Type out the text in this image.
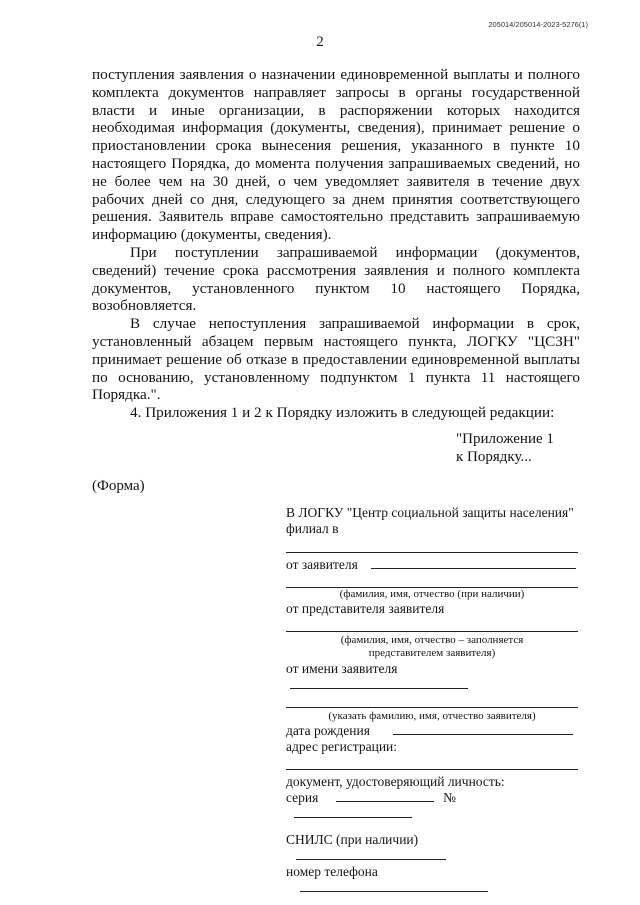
205014/205014-2023-5276(1)
2

поступления заявления о назначении единовременной выплаты и полного комплекта документов направляет запросы в органы государственной власти и иные организации, в распоряжении которых находится необходимая информация (документы, сведения), принимает решение о приостановлении срока вынесения решения, указанного в пункте 10 настоящего Порядка, до момента получения запрашиваемых сведений, но не более чем на 30 дней, о чем уведомляет заявителя в течение двух рабочих дней со дня, следующего за днем принятия соответствующего решения. Заявитель вправе самостоятельно представить запрашиваемую информацию (документы, сведения).

При поступлении запрашиваемой информации (документов, сведений) течение срока рассмотрения заявления и полного комплекта документов, установленного пунктом 10 настоящего Порядка, возобновляется.

В случае непоступления запрашиваемой информации в срок, установленный абзацем первым настоящего пункта, ЛОГКУ "ЦСЗН" принимает решение об отказе в предоставлении единовременной выплаты по основанию, установленному подпунктом 1 пункта 11 настоящего Порядка.".

4. Приложения 1 и 2 к Порядку изложить в следующей редакции:

"Приложение 1
к Порядку...
(Форма)
В ЛОГКУ "Центр социальной защиты населения"
филиал в
от заявителя
(фамилия, имя, отчество (при наличии)
от представителя заявителя
(фамилия, имя, отчество – заполняется
представителем заявителя)
от имени заявителя
(указать фамилию, имя, отчество заявителя)
дата рождения
адрес регистрации:
документ, удостоверяющий личность:
серия	№
СНИЛС (при наличии)
номер телефона
